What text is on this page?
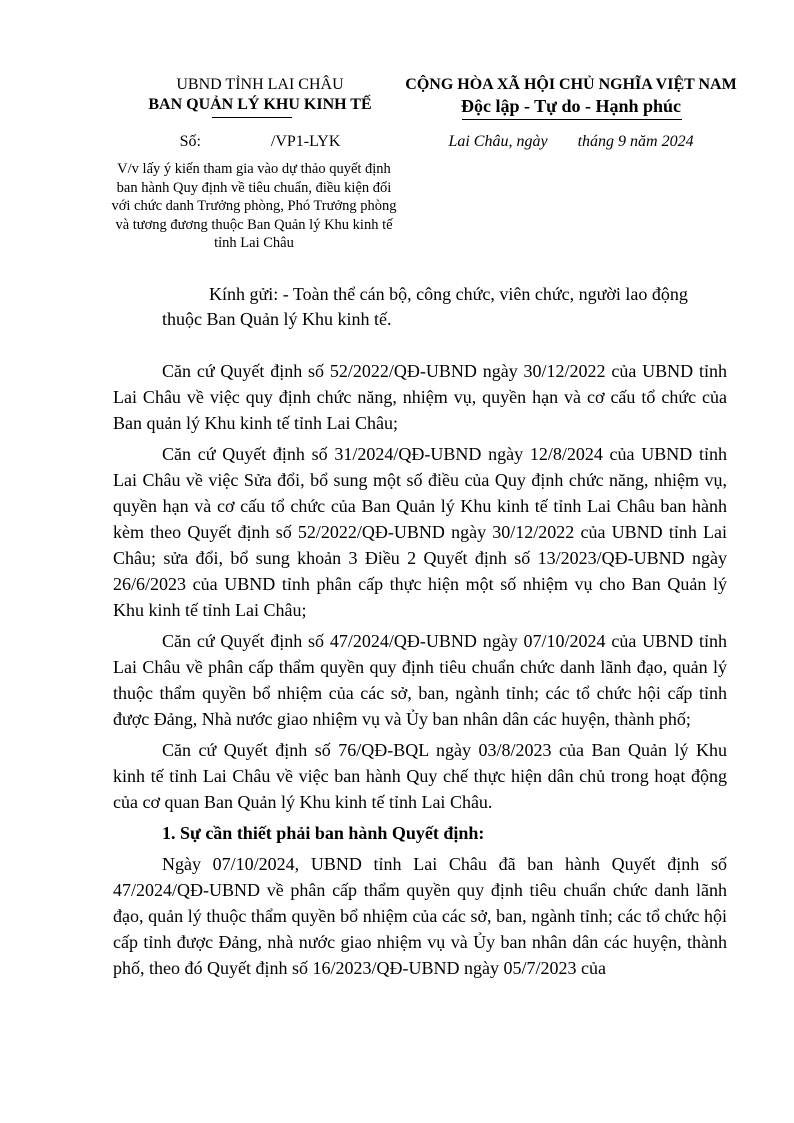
UBND TỈNH LAI CHÂU
BAN QUẢN LÝ KHU KINH TẾ
Số:	/VP1-LYK
V/v lấy ý kiến tham gia vào dự thảo quyết định ban hành Quy định về tiêu chuẩn, điều kiện đối với chức danh Trưởng phòng, Phó Trưởng phòng và tương đương thuộc Ban Quản lý Khu kinh tế tỉnh Lai Châu
CỘNG HÒA XÃ HỘI CHỦ NGHĨA VIỆT NAM
Độc lập - Tự do - Hạnh phúc
Lai Châu, ngày tháng 9 năm 2024
Kính gửi: - Toàn thể cán bộ, công chức, viên chức, người lao động
thuộc Ban Quản lý Khu kinh tế.

Căn cứ Quyết định số 52/2022/QĐ-UBND ngày 30/12/2022 của UBND tỉnh Lai Châu về việc quy định chức năng, nhiệm vụ, quyền hạn và cơ cấu tổ chức của Ban quản lý Khu kinh tế tỉnh Lai Châu;

Căn cứ Quyết định số 31/2024/QĐ-UBND ngày 12/8/2024 của UBND tỉnh Lai Châu về việc Sửa đổi, bổ sung một số điều của Quy định chức năng, nhiệm vụ, quyền hạn và cơ cấu tổ chức của Ban Quản lý Khu kinh tế tỉnh Lai Châu ban hành kèm theo Quyết định số 52/2022/QĐ-UBND ngày 30/12/2022 của UBND tỉnh Lai Châu; sửa đổi, bổ sung khoản 3 Điều 2 Quyết định số 13/2023/QĐ-UBND ngày 26/6/2023 của UBND tỉnh phân cấp thực hiện một số nhiệm vụ cho Ban Quản lý Khu kinh tế tỉnh Lai Châu;

Căn cứ Quyết định số 47/2024/QĐ-UBND ngày 07/10/2024 của UBND tỉnh Lai Châu về phân cấp thẩm quyền quy định tiêu chuẩn chức danh lãnh đạo, quản lý thuộc thẩm quyền bổ nhiệm của các sở, ban, ngành tỉnh; các tổ chức hội cấp tỉnh được Đảng, Nhà nước giao nhiệm vụ và Ủy ban nhân dân các huyện, thành phố;

Căn cứ Quyết định số 76/QĐ-BQL ngày 03/8/2023 của Ban Quản lý Khu kinh tế tỉnh Lai Châu về việc ban hành Quy chế thực hiện dân chủ trong hoạt động của cơ quan Ban Quản lý Khu kinh tế tỉnh Lai Châu.

1. Sự cần thiết phải ban hành Quyết định:

Ngày 07/10/2024, UBND tỉnh Lai Châu đã ban hành Quyết định số 47/2024/QĐ-UBND về phân cấp thẩm quyền quy định tiêu chuẩn chức danh lãnh đạo, quản lý thuộc thẩm quyền bổ nhiệm của các sở, ban, ngành tỉnh; các tổ chức hội cấp tỉnh được Đảng, nhà nước giao nhiệm vụ và Ủy ban nhân dân các huyện, thành phố, theo đó Quyết định số 16/2023/QĐ-UBND ngày 05/7/2023 của
